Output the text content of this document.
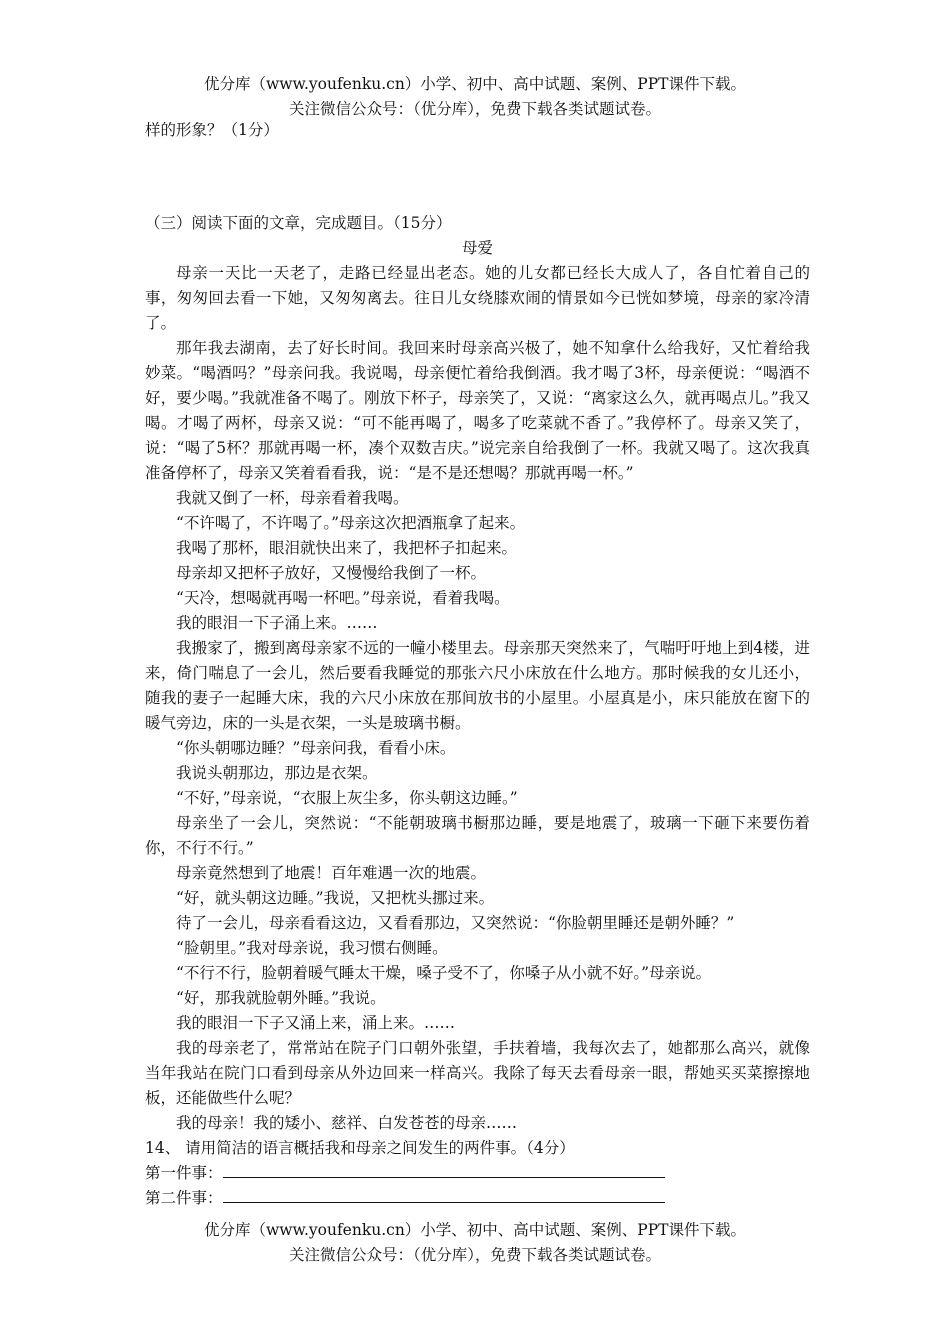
优分库（www.youfenku.cn）小学、初中、高中试题、案例、PPT课件下载。
关注微信公众号：（优分库），免费下载各类试题试卷。
样的形象？（1分）
（三）阅读下面的文章，完成题目。（15分）
母爱
母亲一天比一天老了，走路已经显出老态。她的儿女都已经长大成人了，各自忙着自己的事，匆匆回去看一下她，又匆匆离去。往日儿女绕膝欢闹的情景如今已恍如梦境，母亲的家冷清了。
那年我去湖南，去了好长时间。我回来时母亲高兴极了，她不知拿什么给我好，又忙着给我妙菜。“喝酒吗？”母亲问我。我说喝，母亲便忙着给我倒酒。我才喝了3杯，母亲便说：“喝酒不好，要少喝。”我就准备不喝了。刚放下杯子，母亲笑了，又说：“离家这么久，就再喝点儿。”我又喝。才喝了两杯，母亲又说：“可不能再喝了，喝多了吃菜就不香了。”我停杯了。母亲又笑了，说：“喝了5杯？那就再喝一杯，凑个双数吉庆。”说完亲自给我倒了一杯。我就又喝了。这次我真准备停杯了，母亲又笑着看看我，说：“是不是还想喝？那就再喝一杯。”
我就又倒了一杯，母亲看着我喝。
“不许喝了，不许喝了。”母亲这次把酒瓶拿了起来。
我喝了那杯，眼泪就快出来了，我把杯子扣起来。
母亲却又把杯子放好，又慢慢给我倒了一杯。
“天冷，想喝就再喝一杯吧。”母亲说，看着我喝。
我的眼泪一下子涌上来。……
我搬家了，搬到离母亲家不远的一幢小楼里去。母亲那天突然来了，气喘吁吁地上到4楼，进来，倚门喘息了一会儿，然后要看我睡觉的那张六尺小床放在什么地方。那时候我的女儿还小，随我的妻子一起睡大床，我的六尺小床放在那间放书的小屋里。小屋真是小，床只能放在窗下的暖气旁边，床的一头是衣架，一头是玻璃书橱。
“你头朝哪边睡？”母亲问我，看看小床。
我说头朝那边，那边是衣架。
“不好，”母亲说，“衣服上灰尘多，你头朝这边睡。”
母亲坐了一会儿，突然说：“不能朝玻璃书橱那边睡，要是地震了，玻璃一下砸下来要伤着你，不行不行。”
母亲竟然想到了地震！百年难遇一次的地震。
“好，就头朝这边睡。”我说，又把枕头挪过来。
待了一会儿，母亲看看这边，又看看那边，又突然说：“你脸朝里睡还是朝外睡？”
“脸朝里。”我对母亲说，我习惯右侧睡。
“不行不行，脸朝着暖气睡太干燥，嗓子受不了，你嗓子从小就不好。”母亲说。
“好，那我就脸朝外睡。”我说。
我的眼泪一下子又涌上来，涌上来。……
我的母亲老了，常常站在院子门口朝外张望，手扶着墙，我每次去了，她都那么高兴，就像当年我站在院门口看到母亲从外边回来一样高兴。我除了每天去看母亲一眼，帮她买买菜擦擦地板，还能做些什么呢？
我的母亲！我的矮小、慈祥、白发苍苍的母亲……
14、 请用简洁的语言概括我和母亲之间发生的两件事。（4分）
第一件事：
第二件事：
优分库（www.youfenku.cn）小学、初中、高中试题、案例、PPT课件下载。
关注微信公众号：（优分库），免费下载各类试题试卷。
